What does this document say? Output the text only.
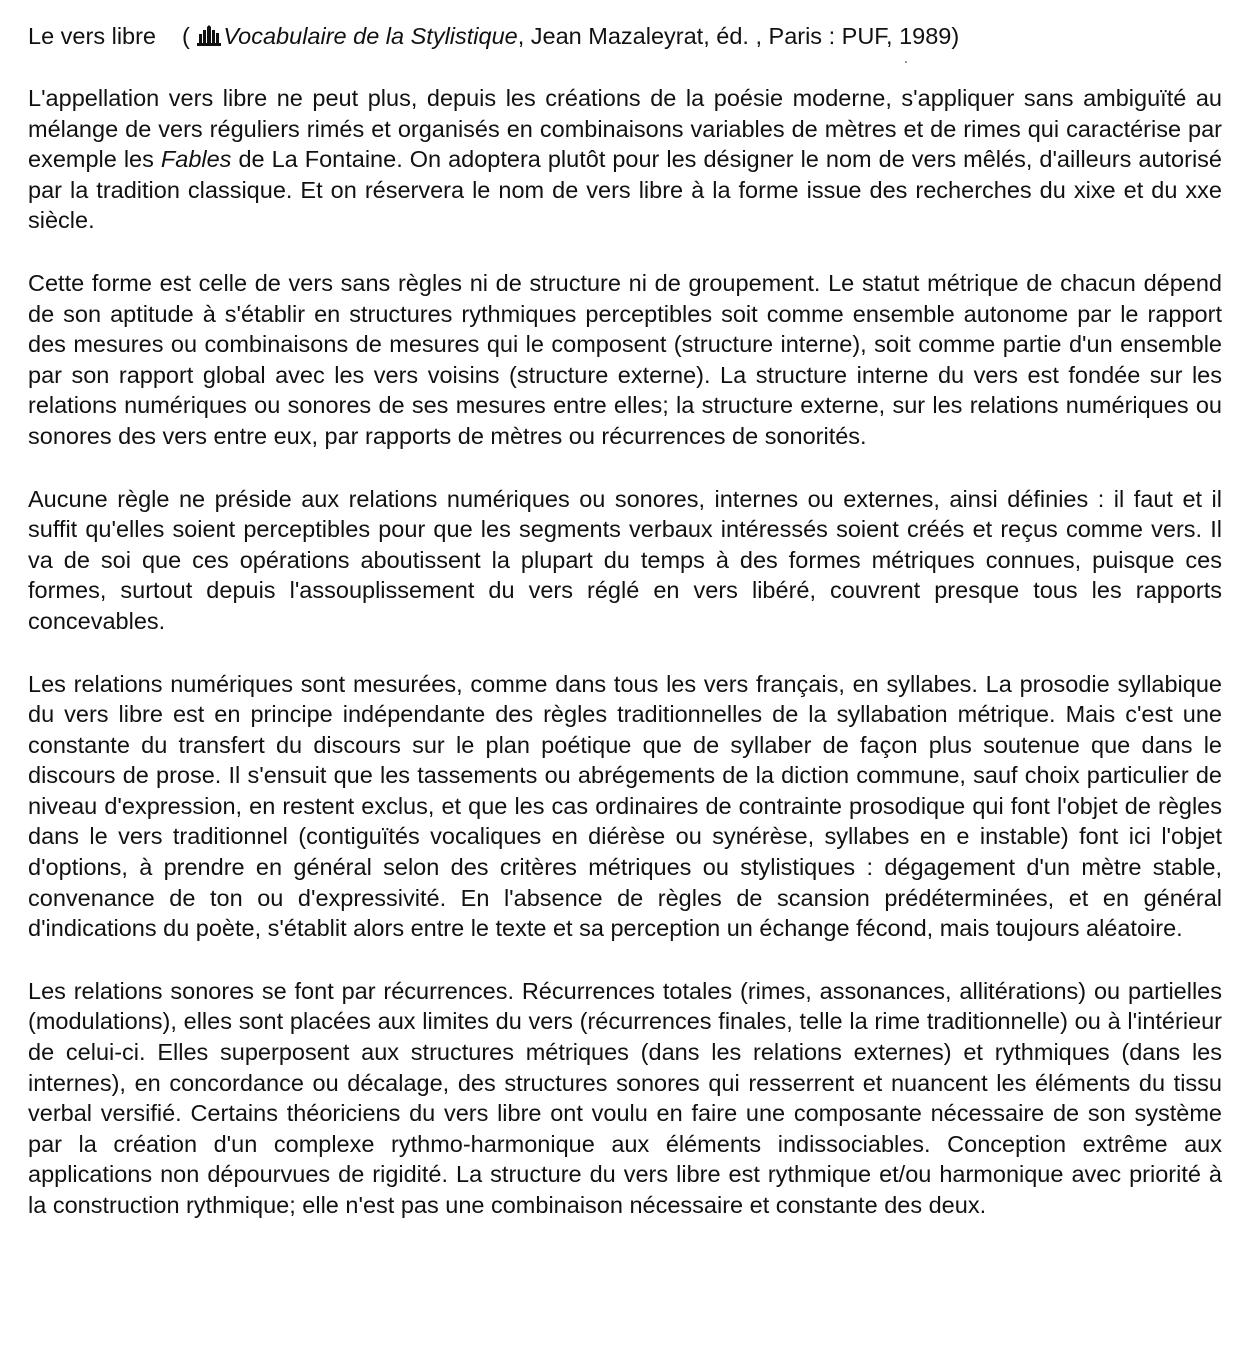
Le vers libre ( Vocabulaire de la Stylistique, Jean Mazaleyrat, éd. , Paris : PUF, 1989)

L'appellation vers libre ne peut plus, depuis les créations de la poésie moderne, s'appliquer sans ambiguïté au mélange de vers réguliers rimés et organisés en combinaisons variables de mètres et de rimes qui caractérise par exemple les Fables de La Fontaine. On adoptera plutôt pour les désigner le nom de vers mêlés, d'ailleurs autorisé par la tradition classique. Et on réservera le nom de vers libre à la forme issue des recherches du xixe et du xxe siècle.

Cette forme est celle de vers sans règles ni de structure ni de groupement. Le statut métrique de chacun dépend de son aptitude à s'établir en structures rythmiques perceptibles soit comme ensemble autonome par le rapport des mesures ou combinaisons de mesures qui le composent (structure interne), soit comme partie d'un ensemble par son rapport global avec les vers voisins (structure externe). La structure interne du vers est fondée sur les relations numériques ou sonores de ses mesures entre elles; la structure externe, sur les relations numériques ou sonores des vers entre eux, par rapports de mètres ou récurrences de sonorités.

Aucune règle ne préside aux relations numériques ou sonores, internes ou externes, ainsi définies : il faut et il suffit qu'elles soient perceptibles pour que les segments verbaux intéressés soient créés et reçus comme vers. Il va de soi que ces opérations aboutissent la plupart du temps à des formes métriques connues, puisque ces formes, surtout depuis l'assouplissement du vers réglé en vers libéré, couvrent presque tous les rapports concevables.

Les relations numériques sont mesurées, comme dans tous les vers français, en syllabes. La prosodie syllabique du vers libre est en principe indépendante des règles traditionnelles de la syllabation métrique. Mais c'est une constante du transfert du discours sur le plan poétique que de syllaber de façon plus soutenue que dans le discours de prose. Il s'ensuit que les tassements ou abrégements de la diction commune, sauf choix particulier de niveau d'expression, en restent exclus, et que les cas ordinaires de contrainte prosodique qui font l'objet de règles dans le vers traditionnel (contiguïtés vocaliques en diérèse ou synérèse, syllabes en e instable) font ici l'objet d'options, à prendre en général selon des critères métriques ou stylistiques : dégagement d'un mètre stable, convenance de ton ou d'expressivité. En l'absence de règles de scansion prédéterminées, et en général d'indications du poète, s'établit alors entre le texte et sa perception un échange fécond, mais toujours aléatoire.

Les relations sonores se font par récurrences. Récurrences totales (rimes, assonances, allitérations) ou partielles (modulations), elles sont placées aux limites du vers (récurrences finales, telle la rime traditionnelle) ou à l'intérieur de celui-ci. Elles superposent aux structures métriques (dans les relations externes) et rythmiques (dans les internes), en concordance ou décalage, des structures sonores qui resserrent et nuancent les éléments du tissu verbal versifié. Certains théoriciens du vers libre ont voulu en faire une composante nécessaire de son système par la création d'un complexe rythmo-harmonique aux éléments indissociables. Conception extrême aux applications non dépourvues de rigidité. La structure du vers libre est rythmique et/ou harmonique avec priorité à la construction rythmique; elle n'est pas une combinaison nécessaire et constante des deux.
